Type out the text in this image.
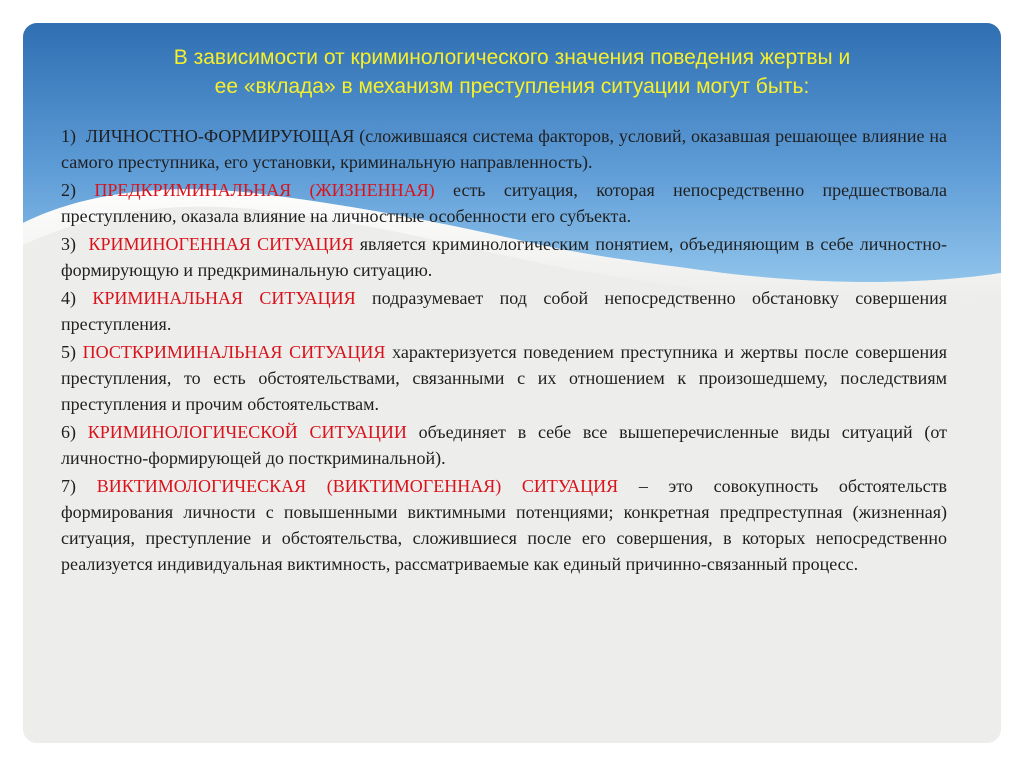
В зависимости от криминологического значения поведения жертвы и
ее «вклада» в механизм преступления ситуации могут быть:

1) ЛИЧНОСТНО-ФОРМИРУЮЩАЯ (сложившаяся система факторов, условий, оказавшая решающее влияние на самого преступника, его установки, криминальную направленность).

2) ПРЕДКРИМИНАЛЬНАЯ (ЖИЗНЕННАЯ) есть ситуация, которая непосредственно предшествовала преступлению, оказала влияние на личностные особенности его субъекта.

3) КРИМИНОГЕННАЯ СИТУАЦИЯ является криминологическим понятием, объединяющим в себе личностно-формирующую и предкриминальную ситуацию.

4) КРИМИНАЛЬНАЯ СИТУАЦИЯ подразумевает под собой непосредственно обстановку совершения преступления.

5) ПОСТКРИМИНАЛЬНАЯ СИТУАЦИЯ характеризуется поведением преступника и жертвы после совершения преступления, то есть обстоятельствами, связанными с их отношением к произошедшему, последствиям преступления и прочим обстоятельствам.

6) КРИМИНОЛОГИЧЕСКОЙ СИТУАЦИИ объединяет в себе все вышеперечисленные виды ситуаций (от личностно-формирующей до посткриминальной).

7) ВИКТИМОЛОГИЧЕСКАЯ (ВИКТИМОГЕННАЯ) СИТУАЦИЯ – это совокупность обстоятельств формирования личности с повышенными виктимными потенциями; конкретная предпреступная (жизненная) ситуация, преступление и обстоятельства, сложившиеся после его совершения, в которых непосредственно реализуется индивидуальная виктимность, рассматриваемые как единый причинно-связанный процесс.
